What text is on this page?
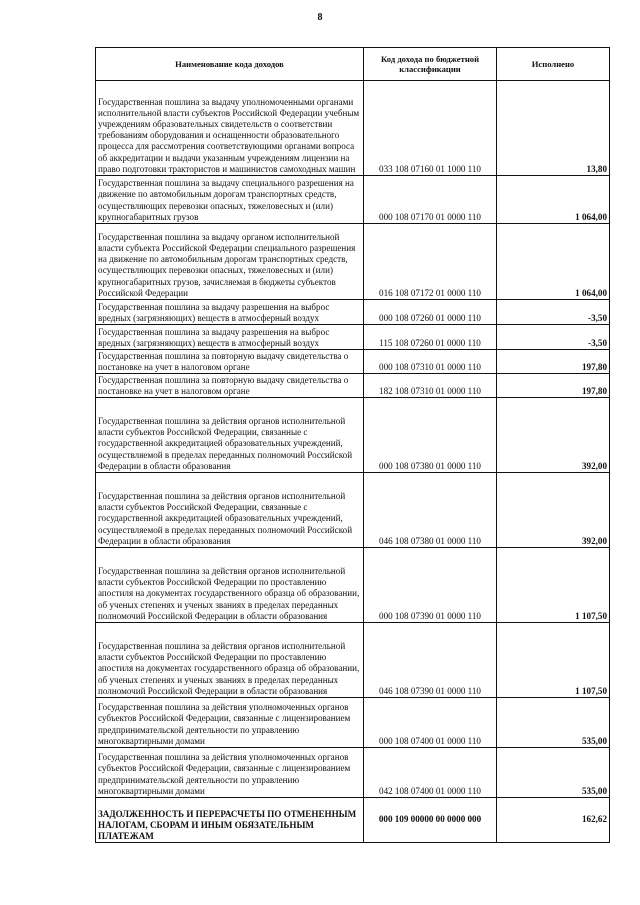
8
Наименование кода доходов	Код дохода по бюджетной классификации	Исполнено
Государственная пошлина за выдачу уполномоченными органами исполнительной власти субъектов Российской Федерации учебным учреждениям образовательных свидетельств о соответствии требованиям оборудования и оснащенности образовательного процесса для рассмотрения соответствующими органами вопроса об аккредитации и выдачи указанным учреждениям лицензии на право подготовки трактористов и машинистов самоходных машин	033 108 07160 01 1000 110	13,80
Государственная пошлина за выдачу специального разрешения на движение по автомобильным дорогам транспортных средств, осуществляющих перевозки опасных, тяжеловесных и (или) крупногабаритных грузов	000 108 07170 01 0000 110	1 064,00
Государственная пошлина за выдачу органом исполнительной власти субъекта Российской Федерации специального разрешения на движение по автомобильным дорогам транспортных средств, осуществляющих перевозки опасных, тяжеловесных и (или) крупногабаритных грузов, зачисляемая в бюджеты субъектов Российской Федерации	016 108 07172 01 0000 110	1 064,00
Государственная пошлина за выдачу разрешения на выброс вредных (загрязняющих) веществ в атмосферный воздух	000 108 07260 01 0000 110	-3,50
Государственная пошлина за выдачу разрешения на выброс вредных (загрязняющих) веществ в атмосферный воздух	115 108 07260 01 0000 110	-3,50
Государственная пошлина за повторную выдачу свидетельства о постановке на учет в налоговом органе	000 108 07310 01 0000 110	197,80
Государственная пошлина за повторную выдачу свидетельства о постановке на учет в налоговом органе	182 108 07310 01 0000 110	197,80
Государственная пошлина за действия органов исполнительной власти субъектов Российской Федерации, связанные с государственной аккредитацией образовательных учреждений, осуществляемой в пределах переданных полномочий Российской Федерации в области образования	000 108 07380 01 0000 110	392,00
Государственная пошлина за действия органов исполнительной власти субъектов Российской Федерации, связанные с государственной аккредитацией образовательных учреждений, осуществляемой в пределах переданных полномочий Российской Федерации в области образования	046 108 07380 01 0000 110	392,00
Государственная пошлина за действия органов исполнительной власти субъектов Российской Федерации по проставлению апостиля на документах государственного образца об образовании, об ученых степенях и ученых званиях в пределах переданных полномочий Российской Федерации в области образования	000 108 07390 01 0000 110	1 107,50
Государственная пошлина за действия органов исполнительной власти субъектов Российской Федерации по проставлению апостиля на документах государственного образца об образовании, об ученых степенях и ученых званиях в пределах переданных полномочий Российской Федерации в области образования	046 108 07390 01 0000 110	1 107,50
Государственная пошлина за действия уполномоченных органов субъектов Российской Федерации, связанные с лицензированием предпринимательской деятельности по управлению многоквартирными домами	000 108 07400 01 0000 110	535,00
Государственная пошлина за действия уполномоченных органов субъектов Российской Федерации, связанные с лицензированием предпринимательской деятельности по управлению многоквартирными домами	042 108 07400 01 0000 110	535,00
ЗАДОЛЖЕННОСТЬ И ПЕРЕРАСЧЕТЫ ПО ОТМЕНЕННЫМ НАЛОГАМ, СБОРАМ И ИНЫМ ОБЯЗАТЕЛЬНЫМ ПЛАТЕЖАМ	000 109 00000 00 0000 000	162,62
